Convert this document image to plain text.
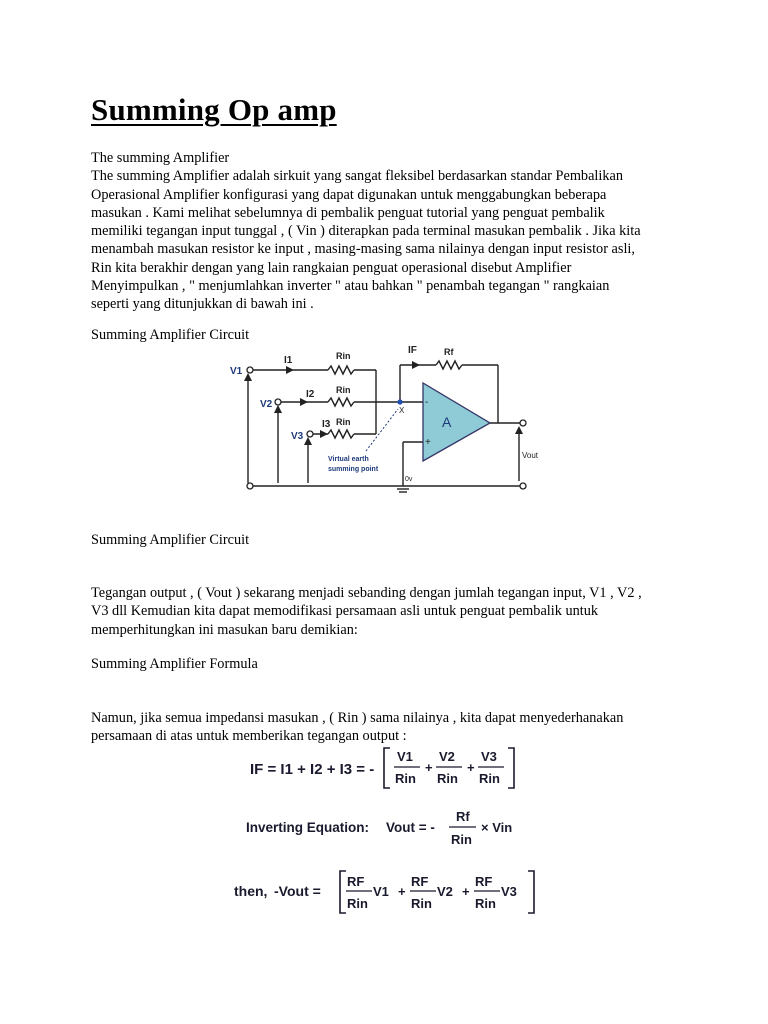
Summing Op amp
The summing Amplifier
The summing Amplifier adalah sirkuit yang sangat fleksibel berdasarkan standar Pembalikan
Operasional Amplifier konfigurasi yang dapat digunakan untuk menggabungkan beberapa
masukan . Kami melihat sebelumnya di pembalik penguat tutorial yang penguat pembalik
memiliki tegangan input tunggal , ( Vin ) diterapkan pada terminal masukan pembalik . Jika kita
menambah masukan resistor ke input , masing-masing sama nilainya dengan input resistor asli,
Rin kita berakhir dengan yang lain rangkaian penguat operasional disebut Amplifier
Menyimpulkan , " menjumlahkan inverter " atau bahkan " penambah tegangan " rangkaian
seperti yang ditunjukkan di bawah ini .
Summing Amplifier Circuit
A
-
+
V1
V2
V3
I1
I2
I3
IF
Rin
Rin
Rin
Rf
X
Vout
0v
Virtual earth
summing point
Summing Amplifier Circuit
Tegangan output , ( Vout ) sekarang menjadi sebanding dengan jumlah tegangan input, V1 , V2 ,
V3 dll Kemudian kita dapat memodifikasi persamaan asli untuk penguat pembalik untuk
memperhitungkan ini masukan baru demikian:
Summing Amplifier Formula
Namun, jika semua impedansi masukan , ( Rin ) sama nilainya , kita dapat menyederhanakan
persamaan di atas untuk memberikan tegangan output :
IF = I1 + I2 + I3 = -
V1
Rin
+
V2
Rin
+
V3
Rin
Inverting Equation: Vout = -
Rf
Rin
× Vin
then, -Vout =
RF
Rin
V1 +
RF
Rin
V2 +
RF
Rin
V3
